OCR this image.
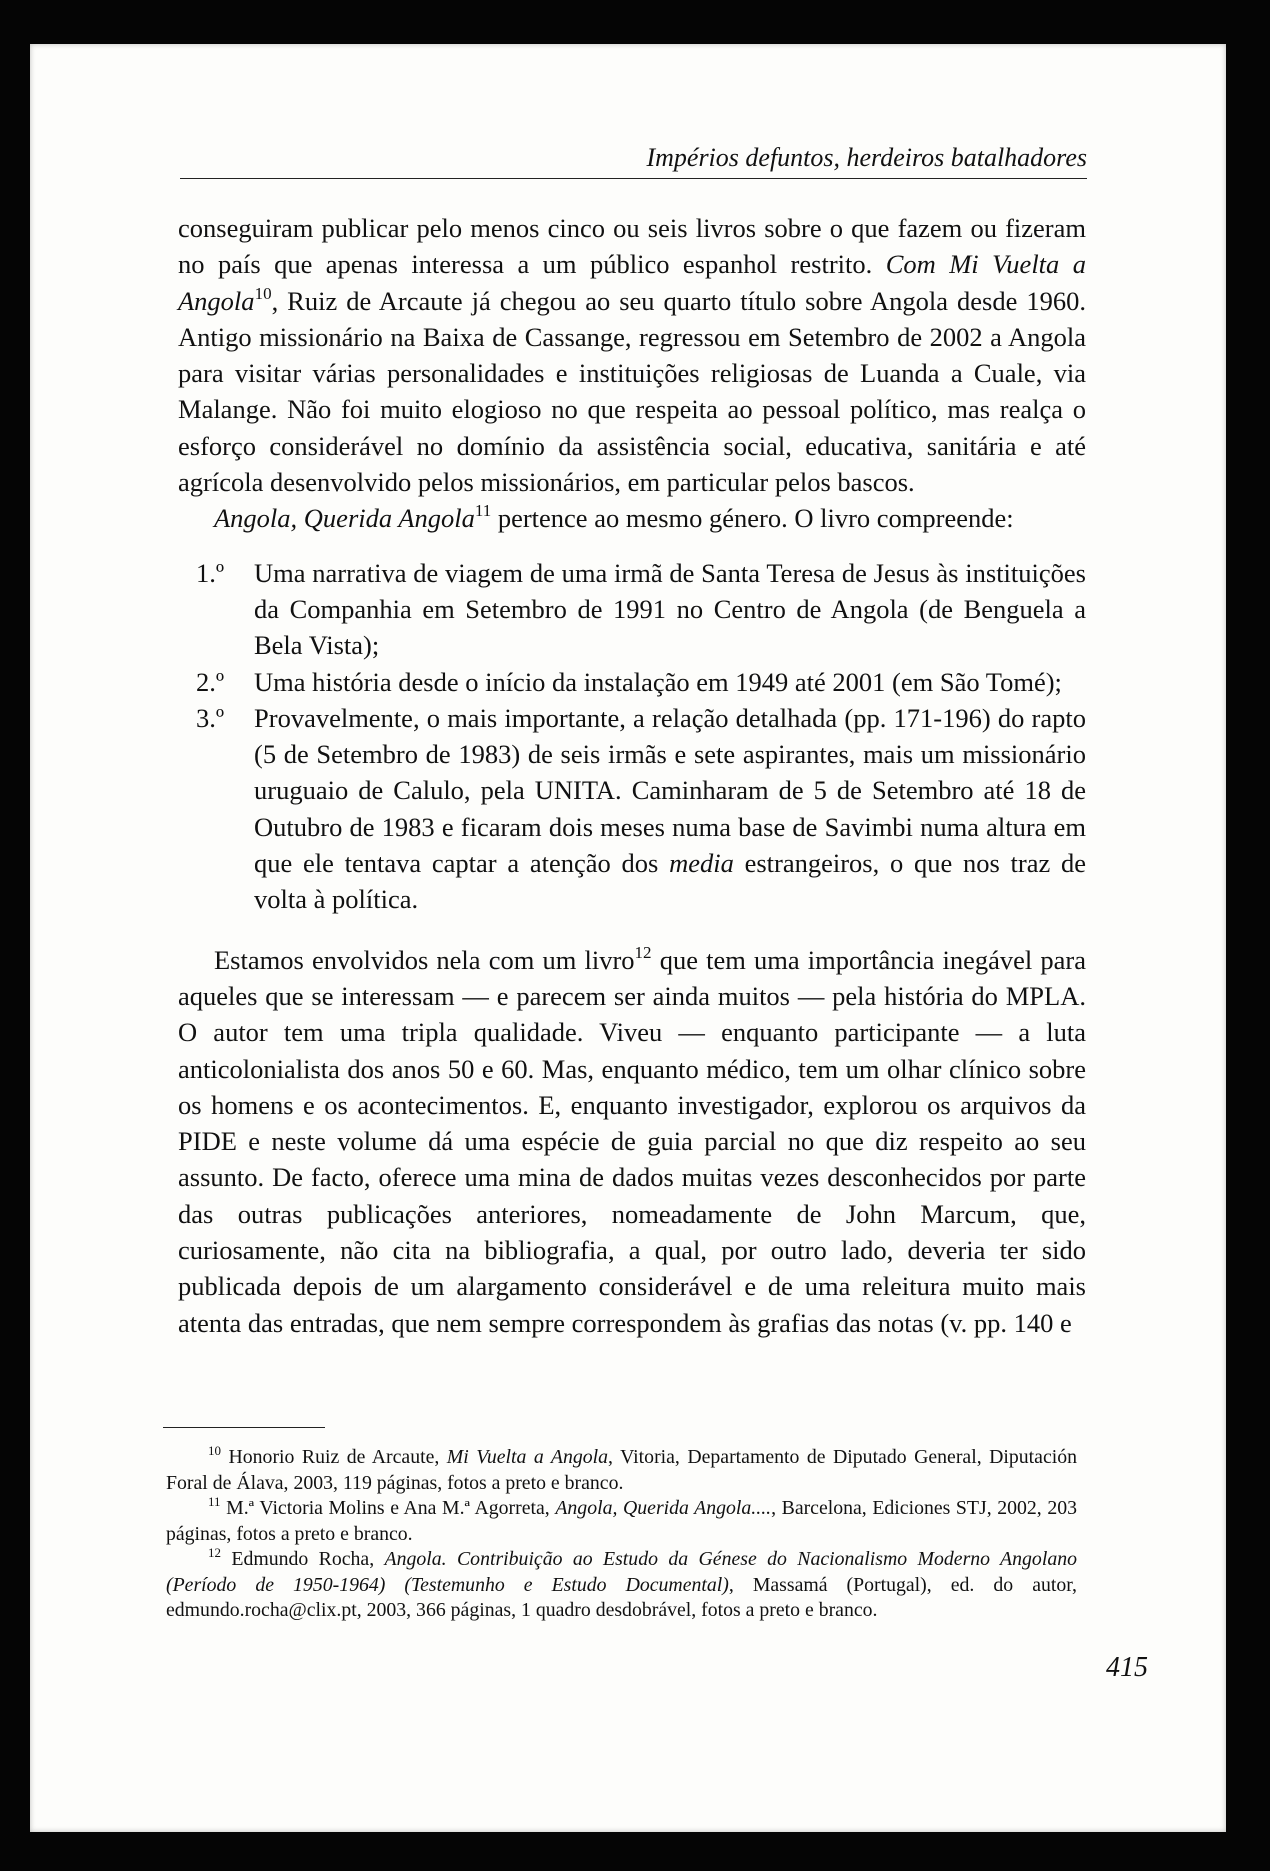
Impérios defuntos, herdeiros batalhadores

conseguiram publicar pelo menos cinco ou seis livros sobre o que fazem ou fizeram no país que apenas interessa a um público espanhol restrito. Com Mi Vuelta a Angola$^{10}$, Ruiz de Arcaute já chegou ao seu quarto título sobre Angola desde 1960. Antigo missionário na Baixa de Cassange, regressou em Setembro de 2002 a Angola para visitar várias personalidades e instituições religiosas de Luanda a Cuale, via Malange. Não foi muito elogioso no que respeita ao pessoal político, mas realça o esforço considerável no domínio da assistência social, educativa, sanitária e até agrícola desenvolvido pelos missionários, em particular pelos bascos.

Angola, Querida Angola$^{11}$ pertence ao mesmo género. O livro compreende:

1.º Uma narrativa de viagem de uma irmã de Santa Teresa de Jesus às instituições da Companhia em Setembro de 1991 no Centro de Angola (de Benguela a Bela Vista);
2.º Uma história desde o início da instalação em 1949 até 2001 (em São Tomé);
3.º Provavelmente, o mais importante, a relação detalhada (pp. 171-196) do rapto (5 de Setembro de 1983) de seis irmãs e sete aspirantes, mais um missionário uruguaio de Calulo, pela UNITA. Caminharam de 5 de Setembro até 18 de Outubro de 1983 e ficaram dois meses numa base de Savimbi numa altura em que ele tentava captar a atenção dos media estrangeiros, o que nos traz de volta à política.

Estamos envolvidos nela com um livro$^{12}$ que tem uma importância inegável para aqueles que se interessam — e parecem ser ainda muitos — pela história do MPLA. O autor tem uma tripla qualidade. Viveu — enquanto participante — a luta anticolonialista dos anos 50 e 60. Mas, enquanto médico, tem um olhar clínico sobre os homens e os acontecimentos. E, enquanto investigador, explorou os arquivos da PIDE e neste volume dá uma espécie de guia parcial no que diz respeito ao seu assunto. De facto, oferece uma mina de dados muitas vezes desconhecidos por parte das outras publicações anteriores, nomeadamente de John Marcum, que, curiosamente, não cita na bibliografia, a qual, por outro lado, deveria ter sido publicada depois de um alargamento considerável e de uma releitura muito mais atenta das entradas, que nem sempre correspondem às grafias das notas (v. pp. 140 e

$^{10}$ Honorio Ruiz de Arcaute, Mi Vuelta a Angola, Vitoria, Departamento de Diputado General, Diputación Foral de Álava, 2003, 119 páginas, fotos a preto e branco.

$^{11}$ M.ª Victoria Molins e Ana M.ª Agorreta, Angola, Querida Angola...., Barcelona, Ediciones STJ, 2002, 203 páginas, fotos a preto e branco.

$^{12}$ Edmundo Rocha, Angola. Contribuição ao Estudo da Génese do Nacionalismo Moderno Angolano (Período de 1950-1964) (Testemunho e Estudo Documental), Massamá (Portugal), ed. do autor, edmundo.rocha@clix.pt, 2003, 366 páginas, 1 quadro desdobrável, fotos a preto e branco.

415
